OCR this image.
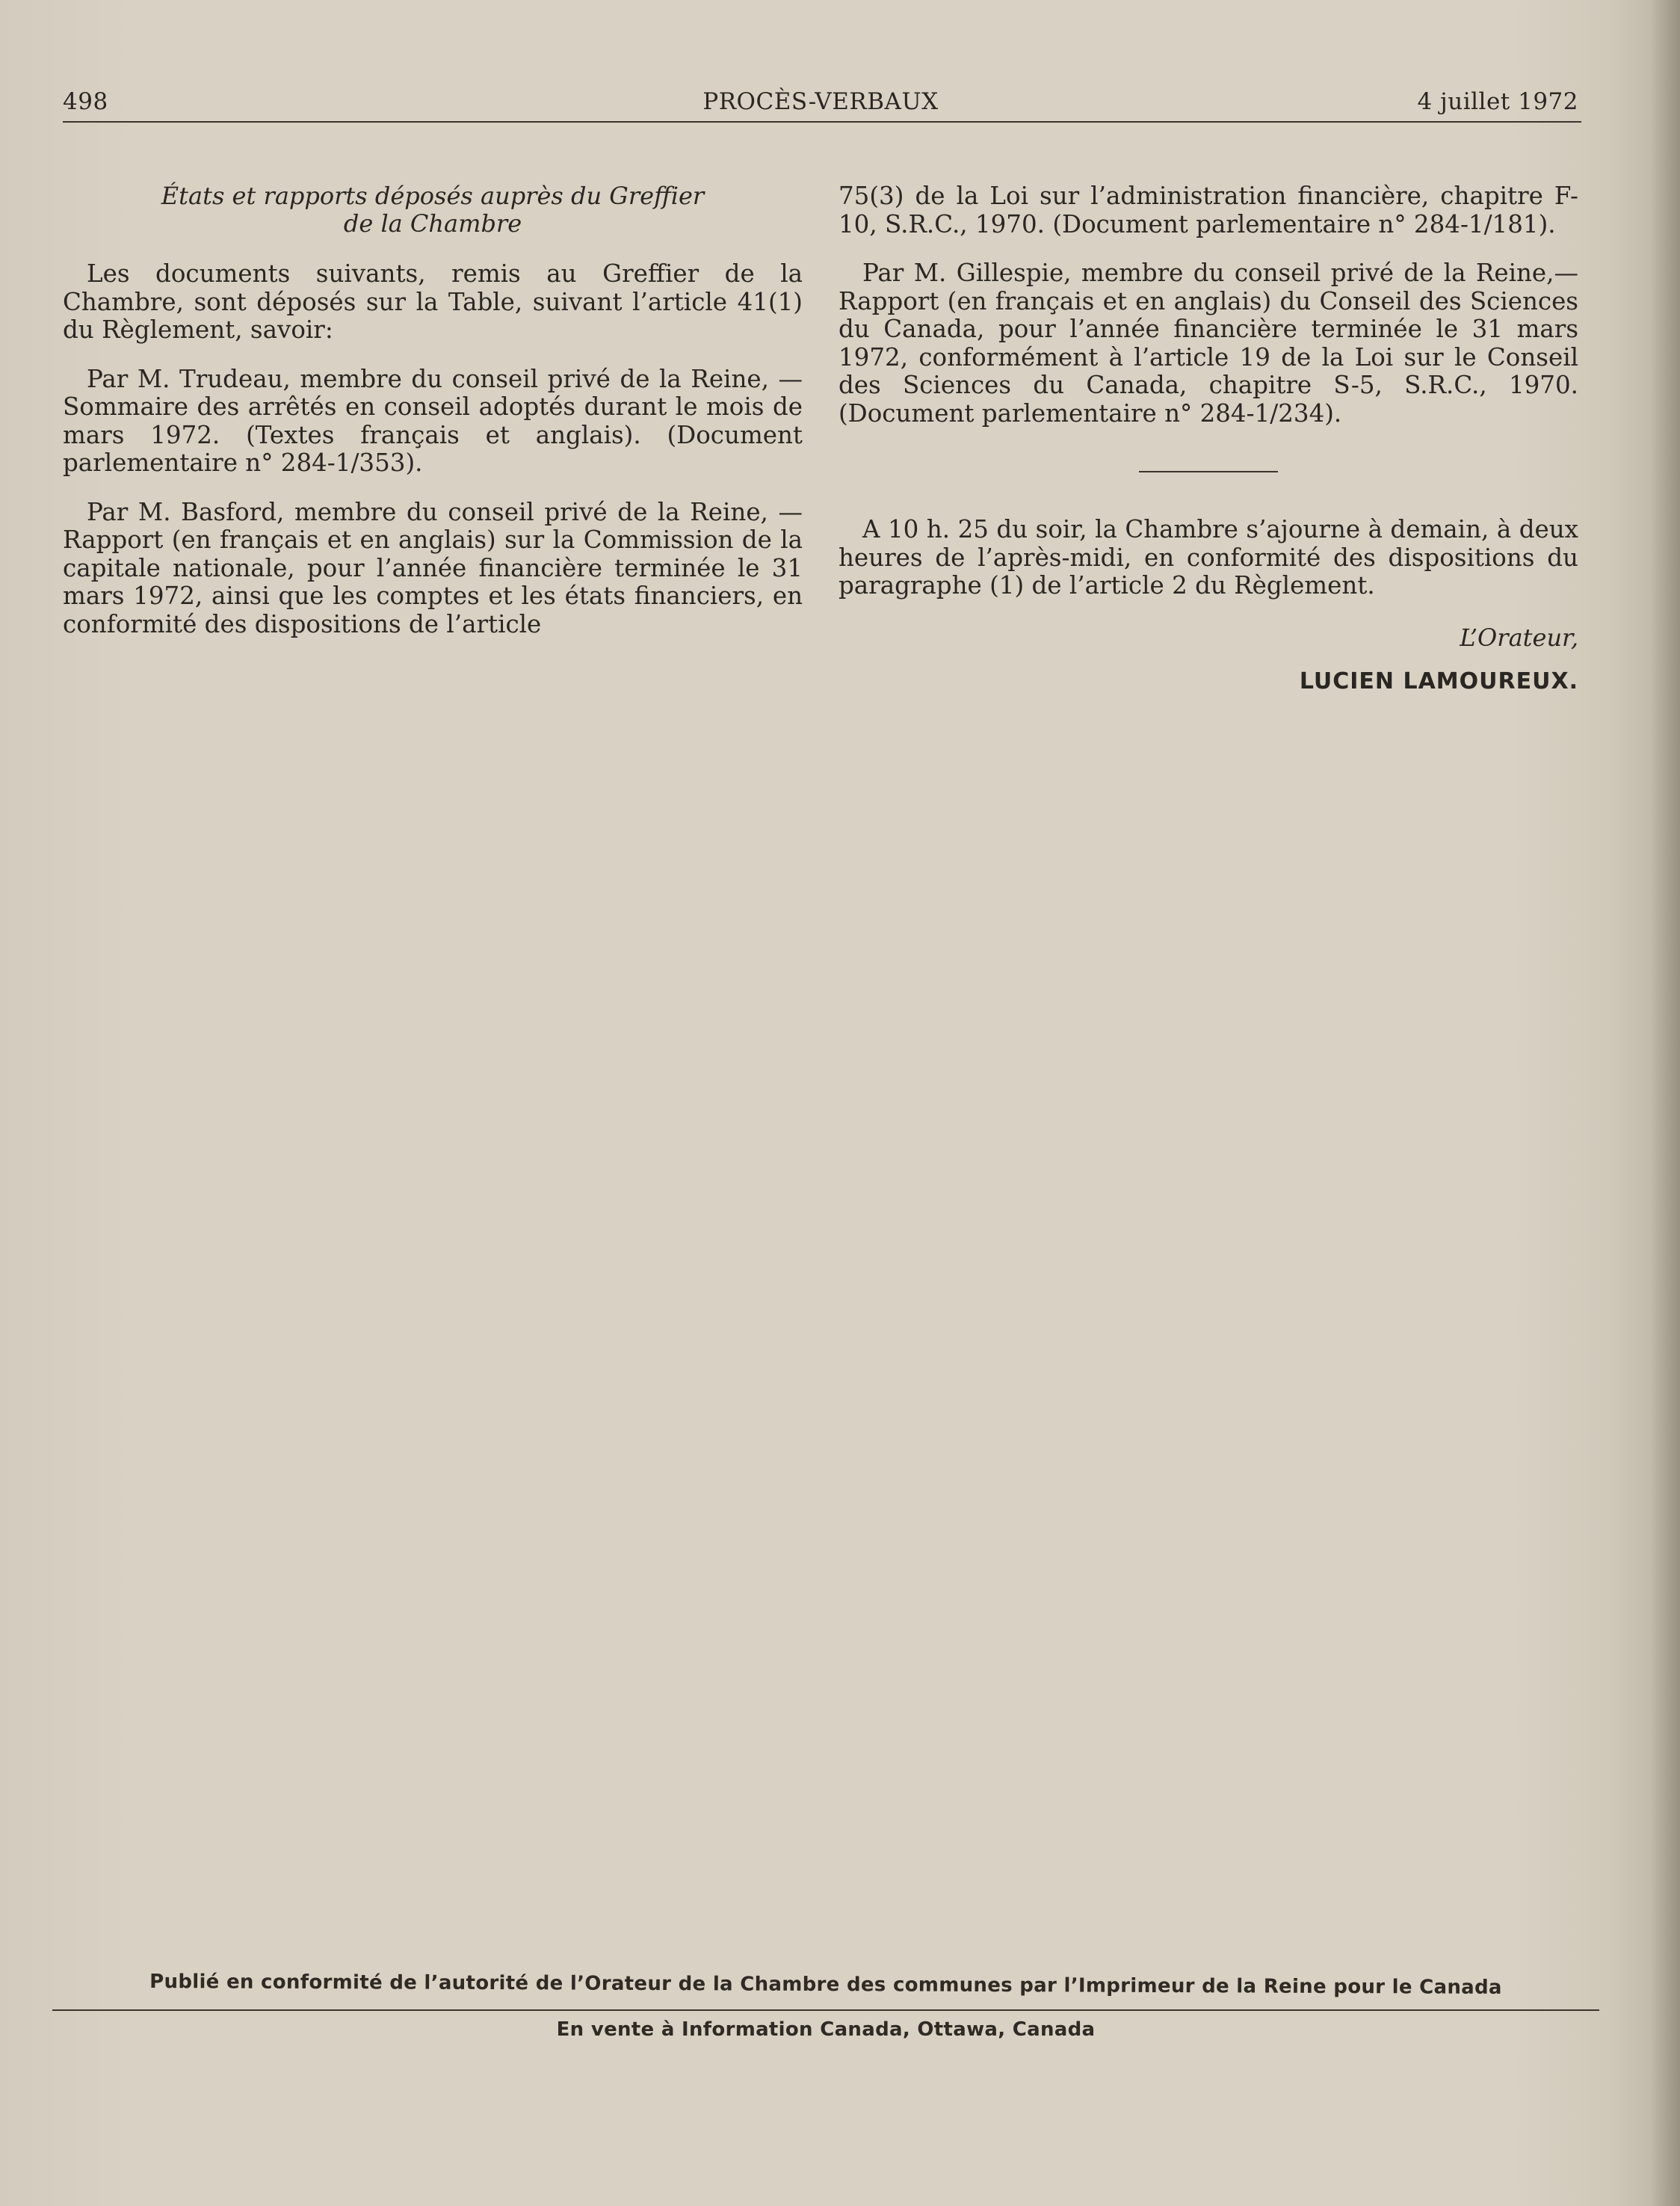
PROCÈS-VERBAUX
498	4 juillet 1972
États et rapports déposés auprès du Greffier
de la Chambre

Les documents suivants, remis au Greffier de la Chambre, sont déposés sur la Table, suivant l’article 41(1) du Règlement, savoir:

Par M. Trudeau, membre du conseil privé de la Reine, —Sommaire des arrêtés en conseil adoptés durant le mois de mars 1972. (Textes français et anglais). (Document parlementaire n° 284-1/353).

Par M. Basford, membre du conseil privé de la Reine, —Rapport (en français et en anglais) sur la Commission de la capitale nationale, pour l’année financière terminée le 31 mars 1972, ainsi que les comptes et les états financiers, en conformité des dispositions de l’article

75(3) de la Loi sur l’administration financière, chapitre F-10, S.R.C., 1970. (Document parlementaire n° 284-1/181).

Par M. Gillespie, membre du conseil privé de la Reine,—Rapport (en français et en anglais) du Conseil des Sciences du Canada, pour l’année financière terminée le 31 mars 1972, conformément à l’article 19 de la Loi sur le Conseil des Sciences du Canada, chapitre S-5, S.R.C., 1970. (Document parlementaire n° 284-1/234).

A 10 h. 25 du soir, la Chambre s’ajourne à demain, à deux heures de l’après-midi, en conformité des dispositions du paragraphe (1) de l’article 2 du Règlement.

L’Orateur,
LUCIEN LAMOUREUX.
Publié en conformité de l’autorité de l’Orateur de la Chambre des communes par l’Imprimeur de la Reine pour le Canada
En vente à Information Canada, Ottawa, Canada
